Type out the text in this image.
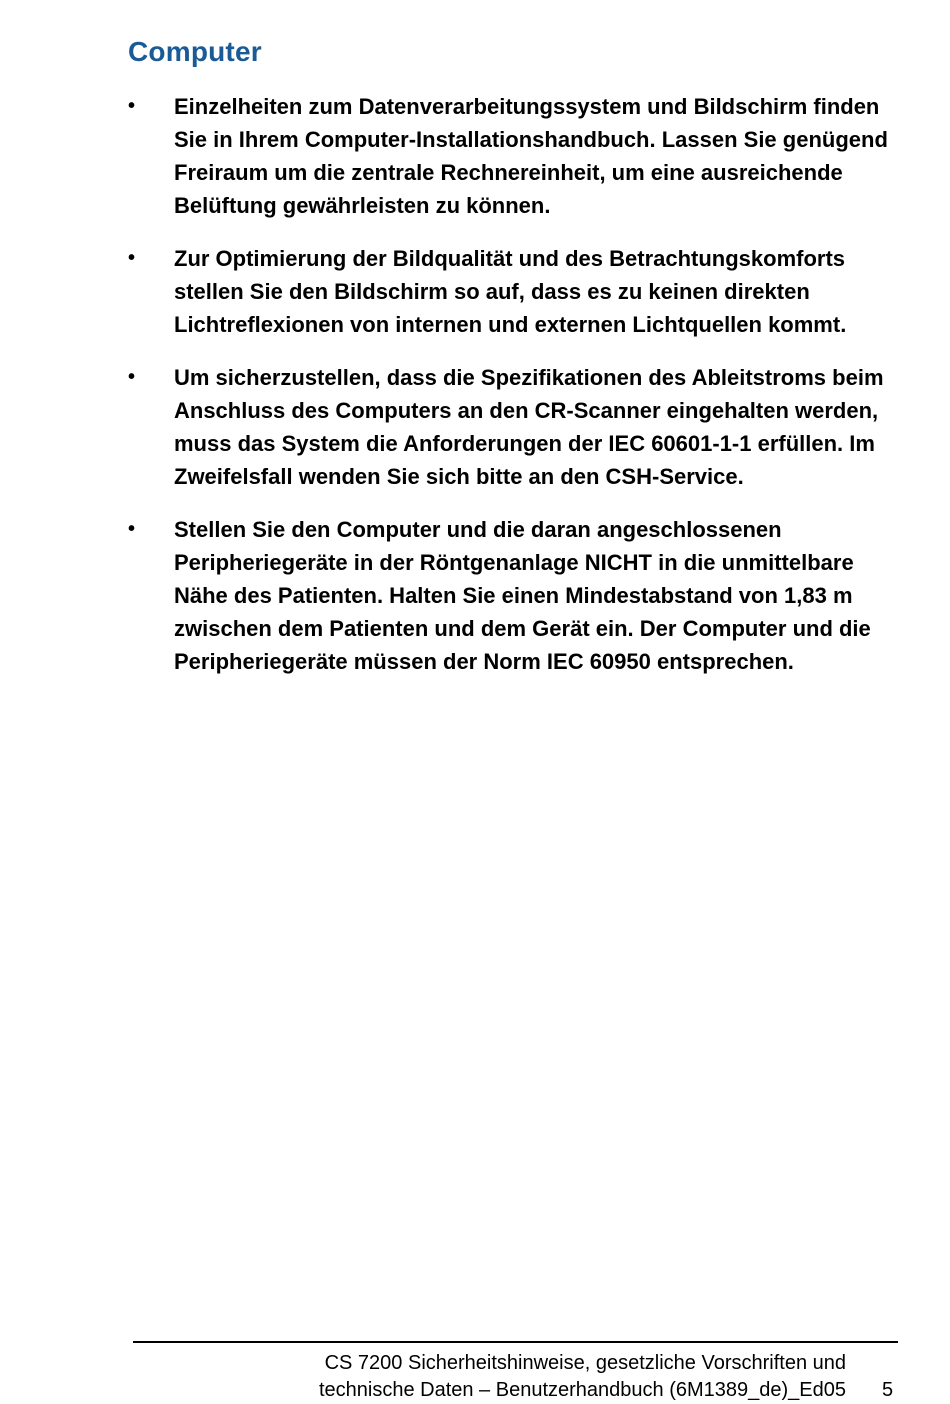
Computer
• Einzelheiten zum Datenverarbeitungssystem und Bildschirm finden Sie in Ihrem Computer-Installationshandbuch. Lassen Sie genügend Freiraum um die zentrale Rechnereinheit, um eine ausreichende Belüftung gewährleisten zu können.
• Zur Optimierung der Bildqualität und des Betrachtungskomforts stellen Sie den Bildschirm so auf, dass es zu keinen direkten Lichtreflexionen von internen und externen Lichtquellen kommt.
• Um sicherzustellen, dass die Spezifikationen des Ableitstroms beim Anschluss des Computers an den CR-Scanner eingehalten werden, muss das System die Anforderungen der IEC 60601-1-1 erfüllen. Im Zweifelsfall wenden Sie sich bitte an den CSH-Service.
• Stellen Sie den Computer und die daran angeschlossenen Peripheriegeräte in der Röntgenanlage NICHT in die unmittelbare Nähe des Patienten. Halten Sie einen Mindestabstand von 1,83 m zwischen dem Patienten und dem Gerät ein. Der Computer und die Peripheriegeräte müssen der Norm IEC 60950 entsprechen.
CS 7200 Sicherheitshinweise, gesetzliche Vorschriften und
technische Daten – Benutzerhandbuch (6M1389_de)_Ed05 5
